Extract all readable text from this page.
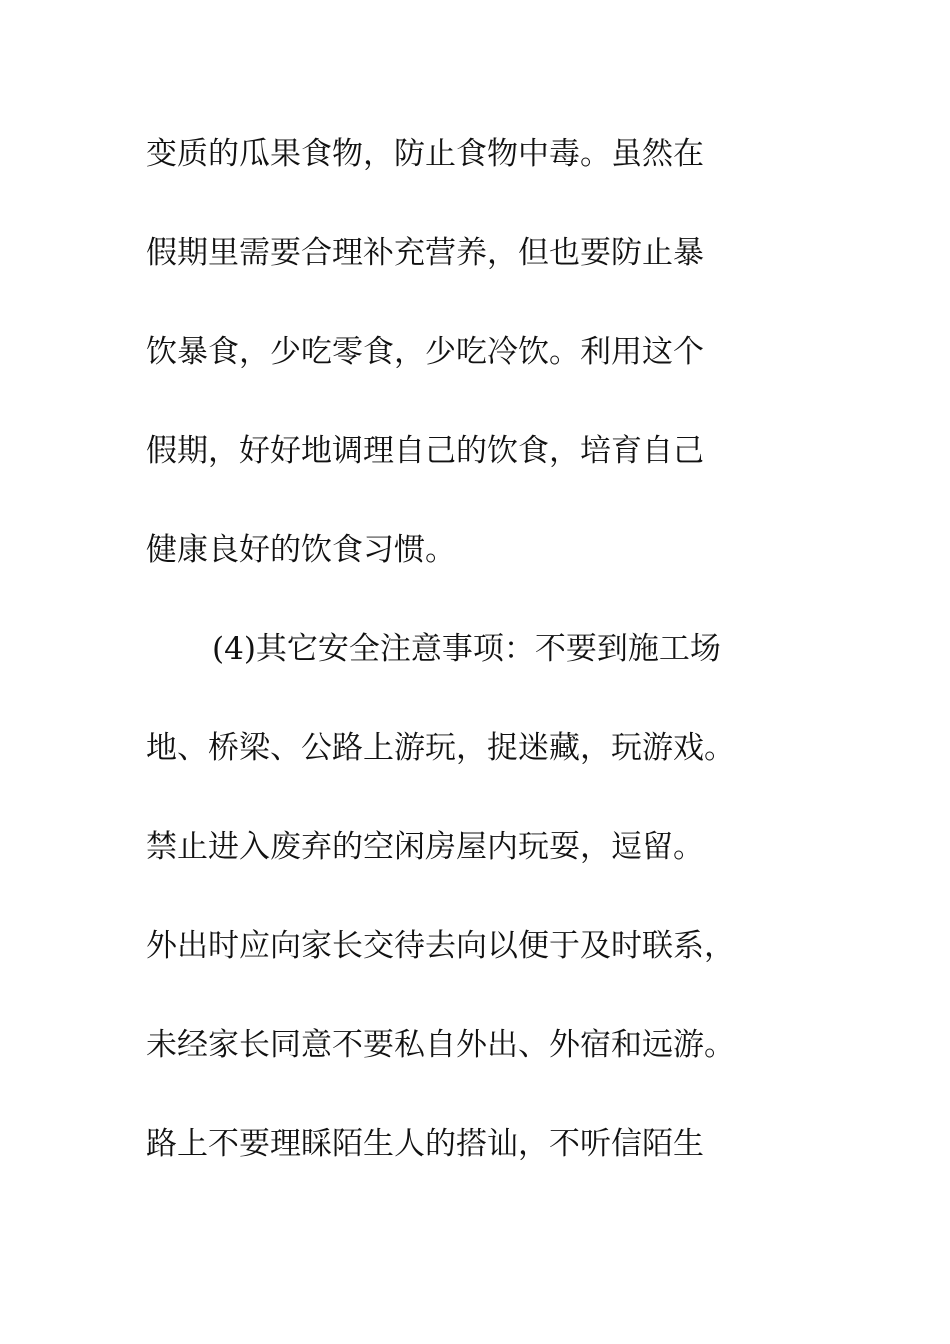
变质的瓜果食物，防止食物中毒。虽然在

假期里需要合理补充营养，但也要防止暴

饮暴食，少吃零食，少吃冷饮。利用这个

假期，好好地调理自己的饮食，培育自己

健康良好的饮食习惯。

(4)其它安全注意事项：不要到施工场

地、桥梁、公路上游玩，捉迷藏，玩游戏。

禁止进入废弃的空闲房屋内玩耍，逗留。

外出时应向家长交待去向以便于及时联系，

未经家长同意不要私自外出、外宿和远游。

路上不要理睬陌生人的搭讪，不听信陌生
